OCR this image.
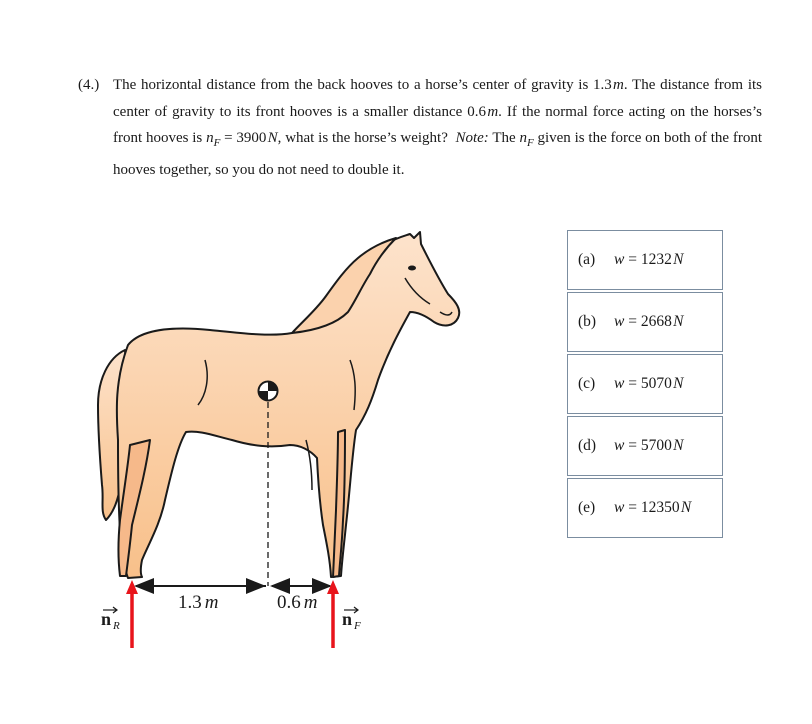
(4.) The horizontal distance from the back hooves to a horse’s center of gravity is 1.3 m. The distance from its center of gravity to its front hooves is a smaller distance 0.6 m. If the normal force acting on the horses’s front hooves is $n_F = 3900$ N, what is the horse’s weight? Note: The $n_F$ given is the force on both of the front hooves together, so you do not need to double it.
1.3 m	0.6 m
n R	n F
(a)	w = 1232 N
(b)	w = 2668 N
(c)	w = 5070 N
(d)	w = 5700 N
(e)	w = 12350 N
